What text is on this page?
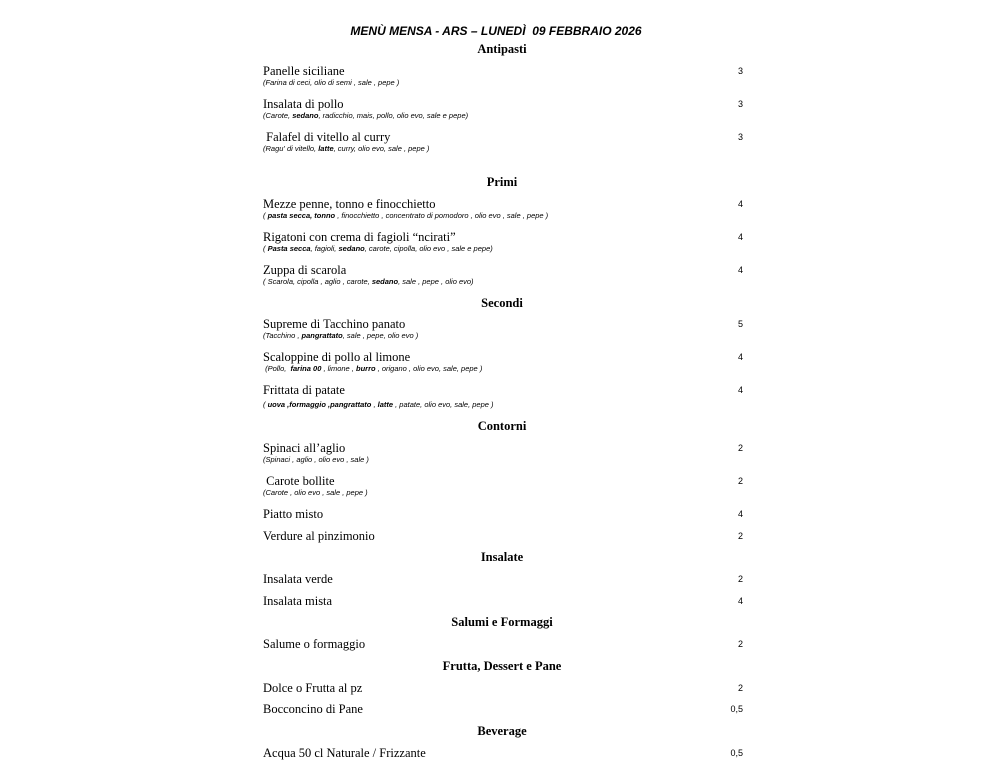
MENÙ MENSA - ARS – LUNEDÌ  09 FEBBRAIO 2026
Antipasti
Panelle siciliane	3
(Farina di ceci, olio di semi , sale , pepe )
Insalata di pollo	3
(Carote, sedano, radicchio, mais, pollo, olio evo, sale e pepe)
Falafel di vitello al curry	3
(Ragu' di vitello, latte, curry, olio evo, sale , pepe )
Primi
Mezze penne, tonno e finocchietto	4
( pasta secca, tonno , finocchietto , concentrato di pomodoro , olio evo , sale , pepe )
Rigatoni con crema di fagioli “ncirati”	4
( Pasta secca, fagioli, sedano, carote, cipolla, olio evo , sale e pepe)
Zuppa di scarola	4
( Scarola, cipolla , aglio , carote, sedano, sale , pepe , olio evo)
Secondi
Supreme di Tacchino panato	5
(Tacchino , pangrattato, sale , pepe, olio evo )
Scaloppine di pollo al limone	4
(Pollo,  farina 00 , limone , burro , origano , olio evo, sale, pepe )
Frittata di patate	4
( uova ,formaggio ,pangrattato , latte , patate, olio evo, sale, pepe )
Contorni
Spinaci all’aglio	2
(Spinaci , aglio , olio evo , sale )
Carote bollite	2
(Carote , olio evo , sale , pepe )
Piatto misto	4
Verdure al pinzimonio	2
Insalate
Insalata verde	2
Insalata mista	4
Salumi e Formaggi
Salume o formaggio	2
Frutta, Dessert e Pane
Dolce o Frutta al pz	2
Bocconcino di Pane	0,5
Beverage
Acqua 50 cl Naturale / Frizzante	0,5
